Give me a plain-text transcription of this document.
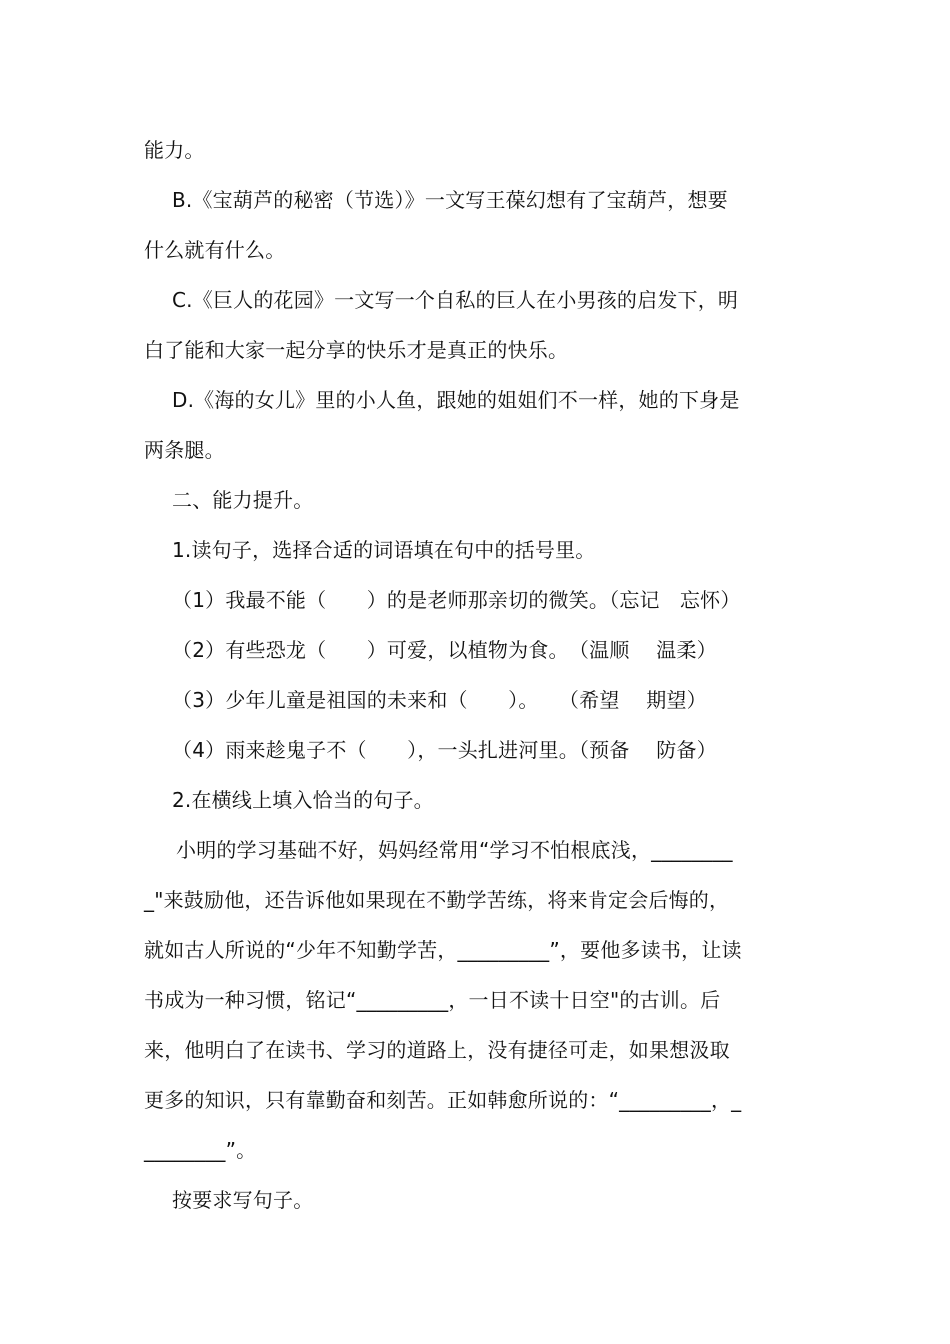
能力。
B.《宝葫芦的秘密（节选）》一文写王葆幻想有了宝葫芦，想要
什么就有什么。
C.《巨人的花园》一文写一个自私的巨人在小男孩的启发下，明
白了能和大家一起分享的快乐才是真正的快乐。
D.《海的女儿》里的小人鱼，跟她的姐姐们不一样，她的下身是
两条腿。
二、能力提升。
1.读句子，选择合适的词语填在句中的括号里。
（1）我最不能（　　）的是老师那亲切的微笑。（忘记　忘怀）
（2）有些恐龙（　　）可爱，以植物为食。　（温顺　 温柔）
（3）少年儿童是祖国的未来和（　　）。　　（希望　 期望）
（4）雨来趁鬼子不（　　），一头扎进河里。（预备　 防备）
2.在横线上填入恰当的句子。
小明的学习基础不好，妈妈经常用“学习不怕根底浅，________
_"来鼓励他，还告诉他如果现在不勤学苦练，将来肯定会后悔的，
就如古人所说的“少年不知勤学苦，_________”，要他多读书，让读
书成为一种习惯，铭记“_________，一日不读十日空"的古训。后
来，他明白了在读书、学习的道路上，没有捷径可走，如果想汲取
更多的知识，只有靠勤奋和刻苦。正如韩愈所说的：“_________，_
________”。
按要求写句子。
